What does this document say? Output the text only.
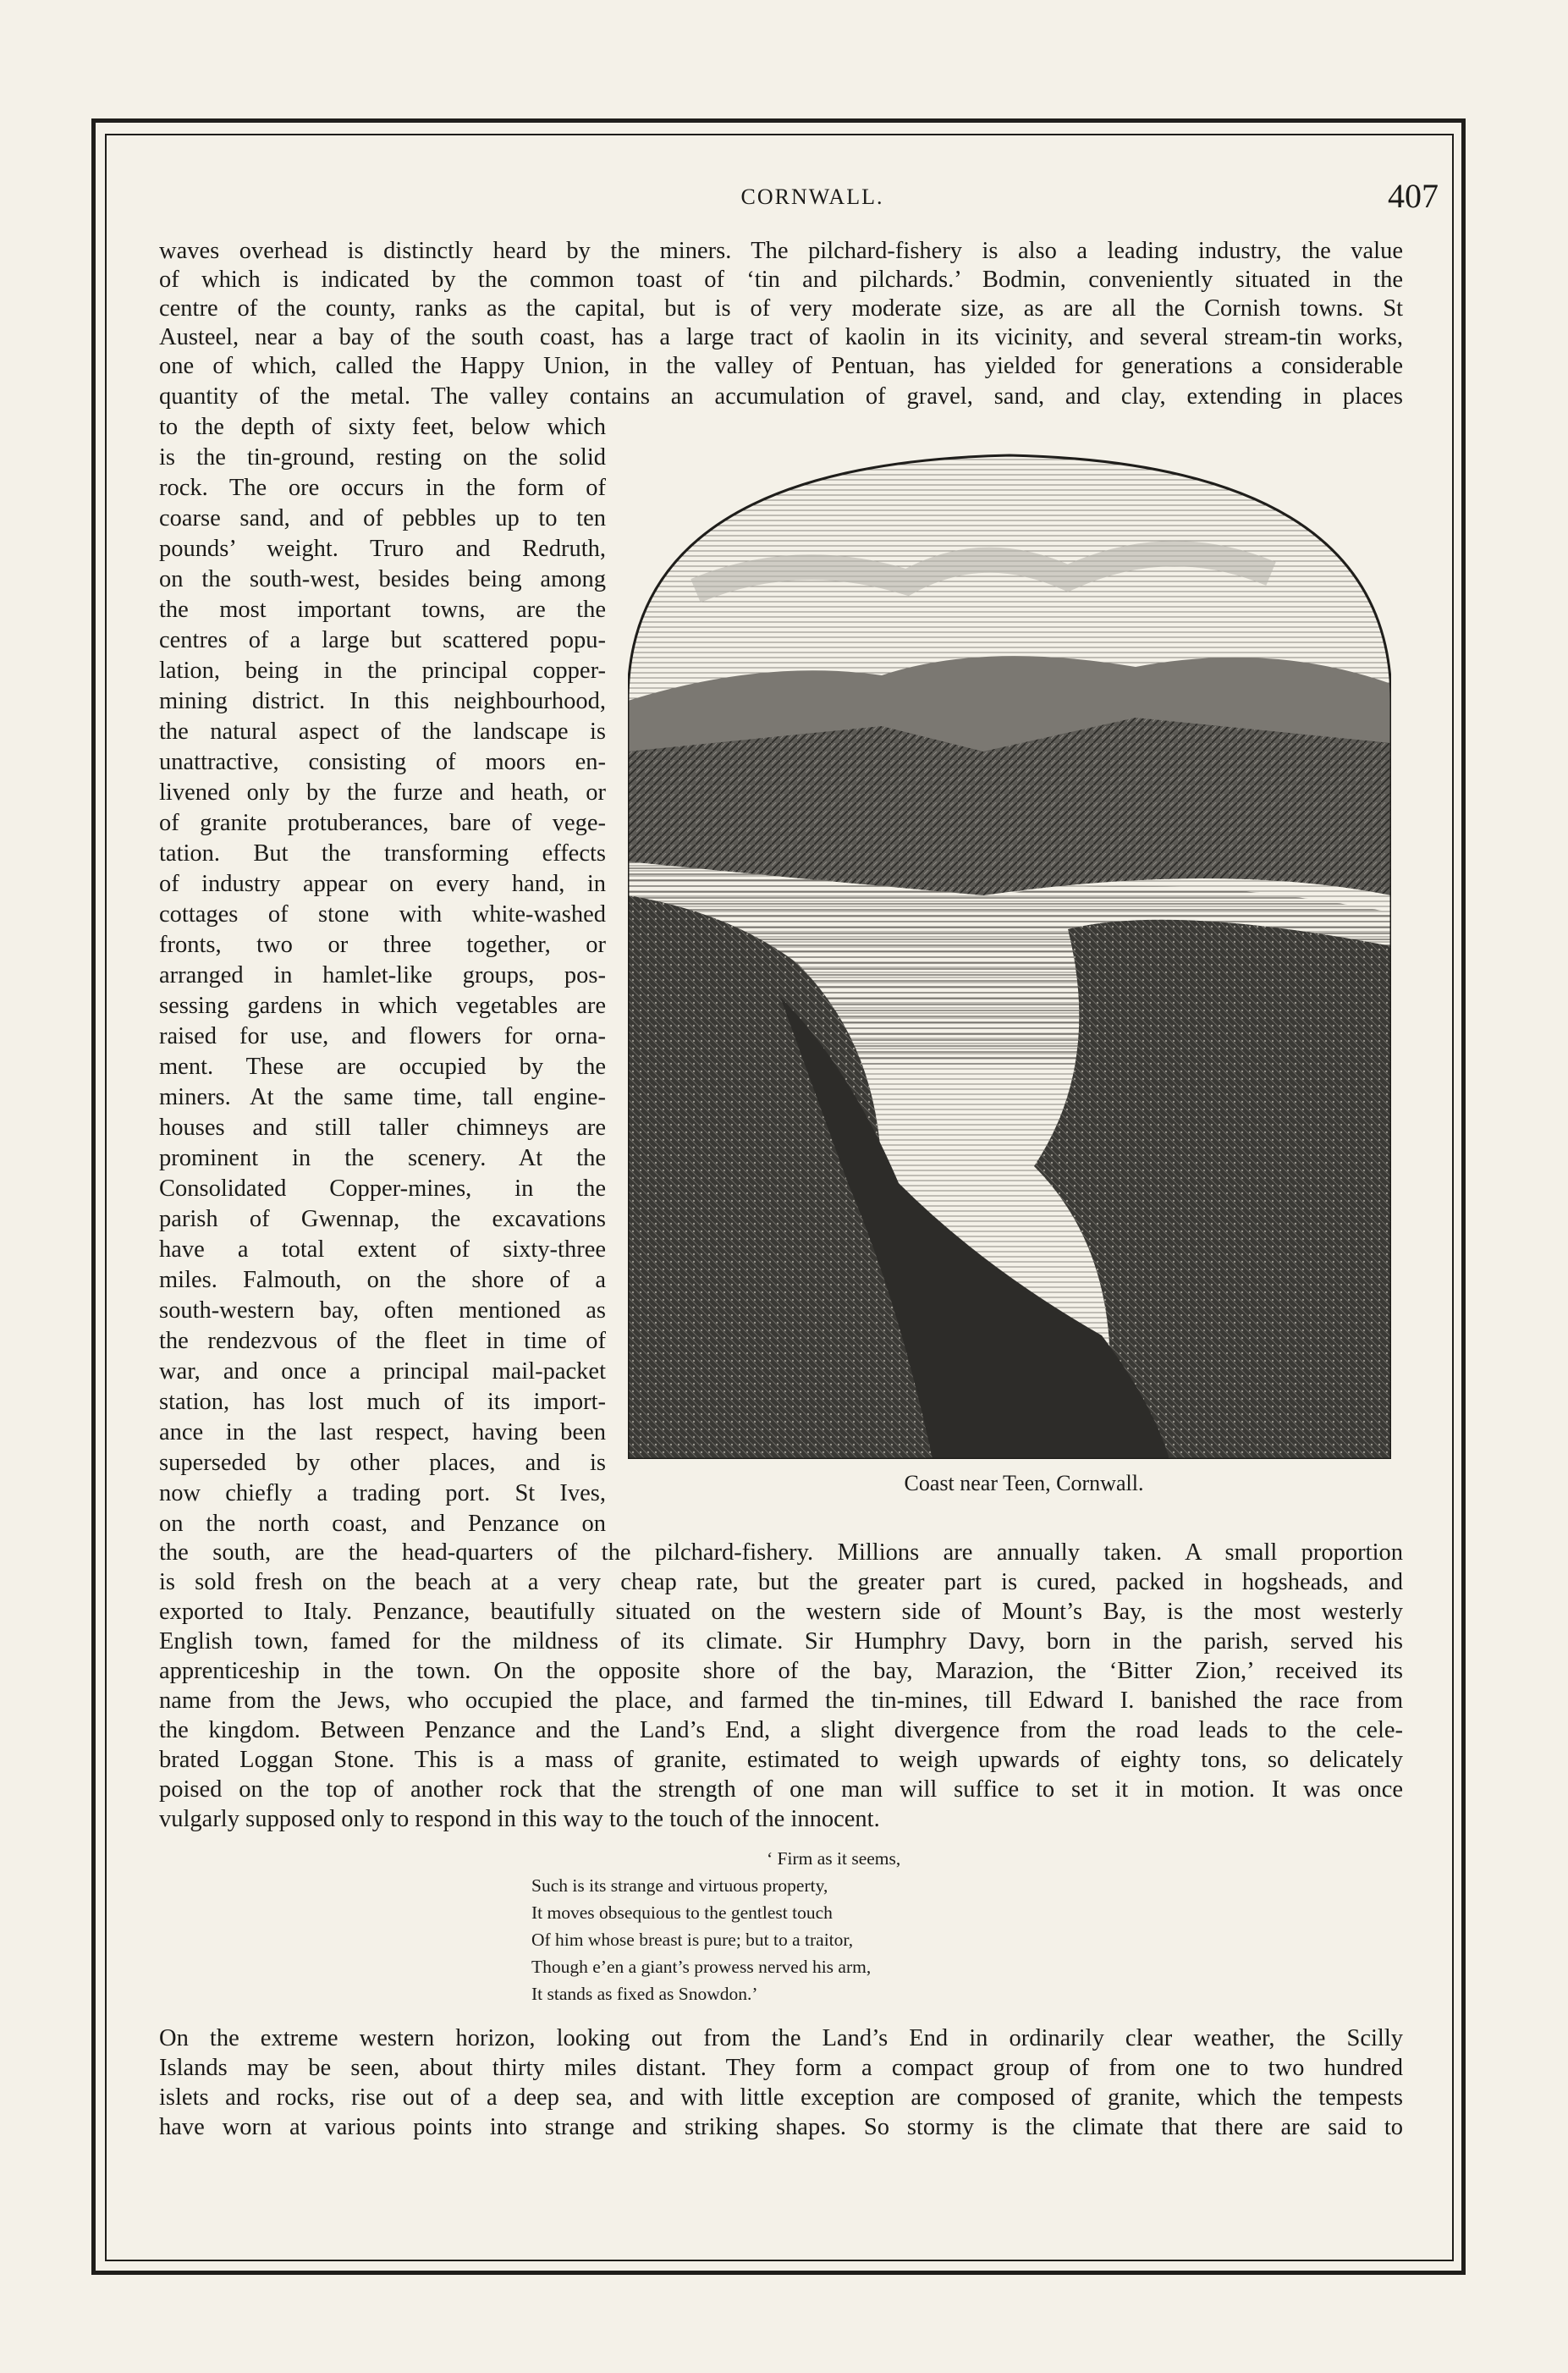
CORNWALL.	407
waves overhead is distinctly heard by the miners. The pilchard-fishery is also a leading industry, the value
of which is indicated by the common toast of ‘tin and pilchards.’ Bodmin, conveniently situated in the
centre of the county, ranks as the capital, but is of very moderate size, as are all the Cornish towns. St
Austeel, near a bay of the south coast, has a large tract of kaolin in its vicinity, and several stream-tin works,
one of which, called the Happy Union, in the valley of Pentuan, has yielded for generations a considerable
quantity of the metal. The valley contains an accumulation of gravel, sand, and clay, extending in places
to the depth of sixty feet, below which
is the tin-ground, resting on the solid
rock. The ore occurs in the form of
coarse sand, and of pebbles up to ten
pounds’ weight. Truro and Redruth,
on the south-west, besides being among
the most important towns, are the
centres of a large but scattered popu-
lation, being in the principal copper-
mining district. In this neighbourhood,
the natural aspect of the landscape is
unattractive, consisting of moors en-
livened only by the furze and heath, or
of granite protuberances, bare of vege-
tation. But the transforming effects
of industry appear on every hand, in
cottages of stone with white-washed
fronts, two or three together, or
arranged in hamlet-like groups, pos-
sessing gardens in which vegetables are
raised for use, and flowers for orna-
ment. These are occupied by the
miners. At the same time, tall engine-
houses and still taller chimneys are
prominent in the scenery. At the
Consolidated Copper-mines, in the
parish of Gwennap, the excavations
have a total extent of sixty-three
miles. Falmouth, on the shore of a
south-western bay, often mentioned as
the rendezvous of the fleet in time of
war, and once a principal mail-packet
station, has lost much of its import-
ance in the last respect, having been
superseded by other places, and is
now chiefly a trading port. St Ives,
on the north coast, and Penzance on
Coast near Teen, Cornwall.
the south, are the head-quarters of the pilchard-fishery. Millions are annually taken. A small proportion
is sold fresh on the beach at a very cheap rate, but the greater part is cured, packed in hogsheads, and
exported to Italy. Penzance, beautifully situated on the western side of Mount’s Bay, is the most westerly
English town, famed for the mildness of its climate. Sir Humphry Davy, born in the parish, served his
apprenticeship in the town. On the opposite shore of the bay, Marazion, the ‘Bitter Zion,’ received its
name from the Jews, who occupied the place, and farmed the tin-mines, till Edward I. banished the race from
the kingdom. Between Penzance and the Land’s End, a slight divergence from the road leads to the cele-
brated Loggan Stone. This is a mass of granite, estimated to weigh upwards of eighty tons, so delicately
poised on the top of another rock that the strength of one man will suffice to set it in motion. It was once
vulgarly supposed only to respond in this way to the touch of the innocent.
‘ Firm as it seems,
Such is its strange and virtuous property,
It moves obsequious to the gentlest touch
Of him whose breast is pure; but to a traitor,
Though e’en a giant’s prowess nerved his arm,
It stands as fixed as Snowdon.’
On the extreme western horizon, looking out from the Land’s End in ordinarily clear weather, the Scilly
Islands may be seen, about thirty miles distant. They form a compact group of from one to two hundred
islets and rocks, rise out of a deep sea, and with little exception are composed of granite, which the tempests
have worn at various points into strange and striking shapes. So stormy is the climate that there are said to
